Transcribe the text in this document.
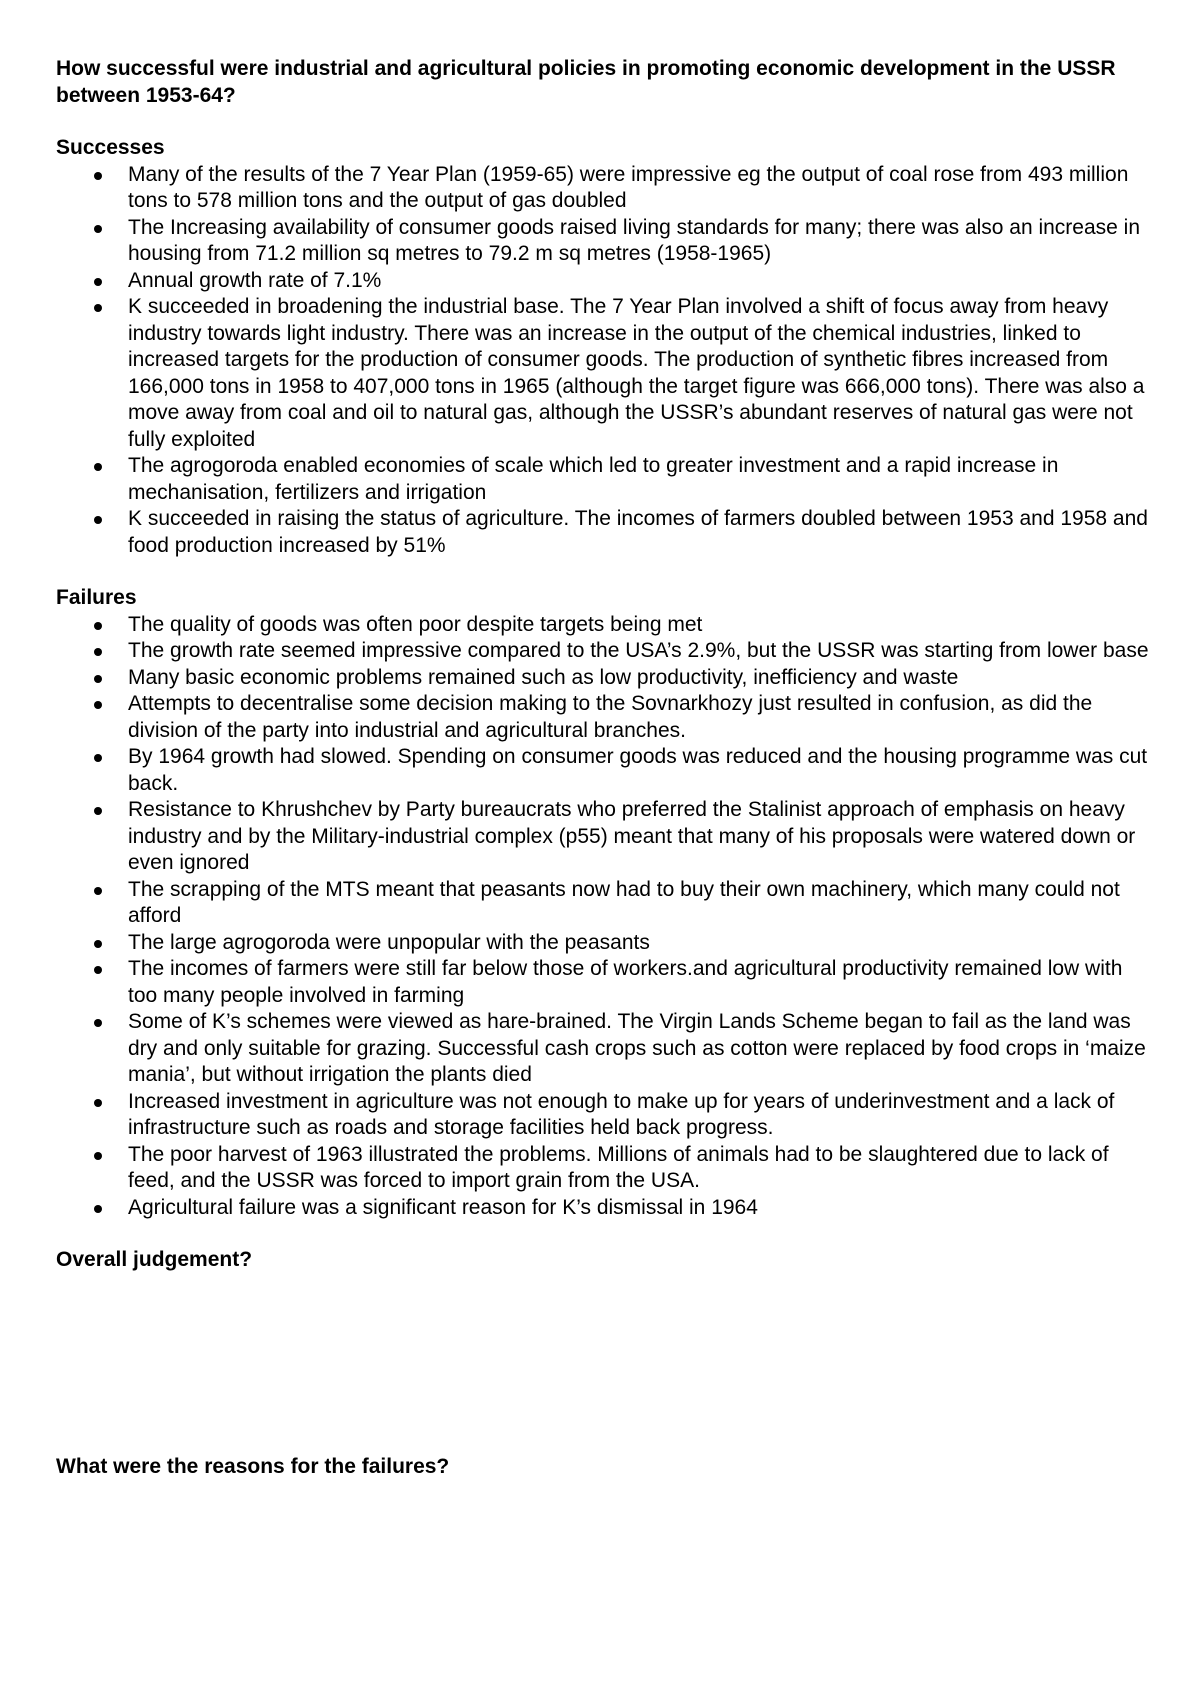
How successful were industrial and agricultural policies in promoting economic development in the USSR between 1953-64?

Successes

Many of the results of the 7 Year Plan (1959-65) were impressive eg the output of coal rose from 493 million tons to 578 million tons and the output of gas doubled
The Increasing availability of consumer goods raised living standards for many; there was also an increase in housing from 71.2 million sq metres to 79.2 m sq metres (1958-1965)
Annual growth rate of 7.1%
K succeeded in broadening the industrial base. The 7 Year Plan involved a shift of focus away from heavy industry towards light industry. There was an increase in the output of the chemical industries, linked to increased targets for the production of consumer goods. The production of synthetic fibres increased from 166,000 tons in 1958 to 407,000 tons in 1965 (although the target figure was 666,000 tons). There was also a move away from coal and oil to natural gas, although the USSR’s abundant reserves of natural gas were not fully exploited
The agrogoroda enabled economies of scale which led to greater investment and a rapid increase in mechanisation, fertilizers and irrigation
K succeeded in raising the status of agriculture. The incomes of farmers doubled between 1953 and 1958 and food production increased by 51%

Failures

The quality of goods was often poor despite targets being met
The growth rate seemed impressive compared to the USA’s 2.9%, but the USSR was starting from lower base
Many basic economic problems remained such as low productivity, inefficiency and waste
Attempts to decentralise some decision making to the Sovnarkhozy just resulted in confusion, as did the division of the party into industrial and agricultural branches.
By 1964 growth had slowed. Spending on consumer goods was reduced and the housing programme was cut back.
Resistance to Khrushchev by Party bureaucrats who preferred the Stalinist approach of emphasis on heavy industry and by the Military-industrial complex (p55) meant that many of his proposals were watered down or even ignored
The scrapping of the MTS meant that peasants now had to buy their own machinery, which many could not afford
The large agrogoroda were unpopular with the peasants
The incomes of farmers were still far below those of workers.and agricultural productivity remained low with too many people involved in farming
Some of K’s schemes were viewed as hare-brained. The Virgin Lands Scheme began to fail as the land was dry and only suitable for grazing. Successful cash crops such as cotton were replaced by food crops in ‘maize mania’, but without irrigation the plants died
Increased investment in agriculture was not enough to make up for years of underinvestment and a lack of infrastructure such as roads and storage facilities held back progress.
The poor harvest of 1963 illustrated the problems. Millions of animals had to be slaughtered due to lack of feed, and the USSR was forced to import grain from the USA.
Agricultural failure was a significant reason for K’s dismissal in 1964

Overall judgement?

What were the reasons for the failures?
